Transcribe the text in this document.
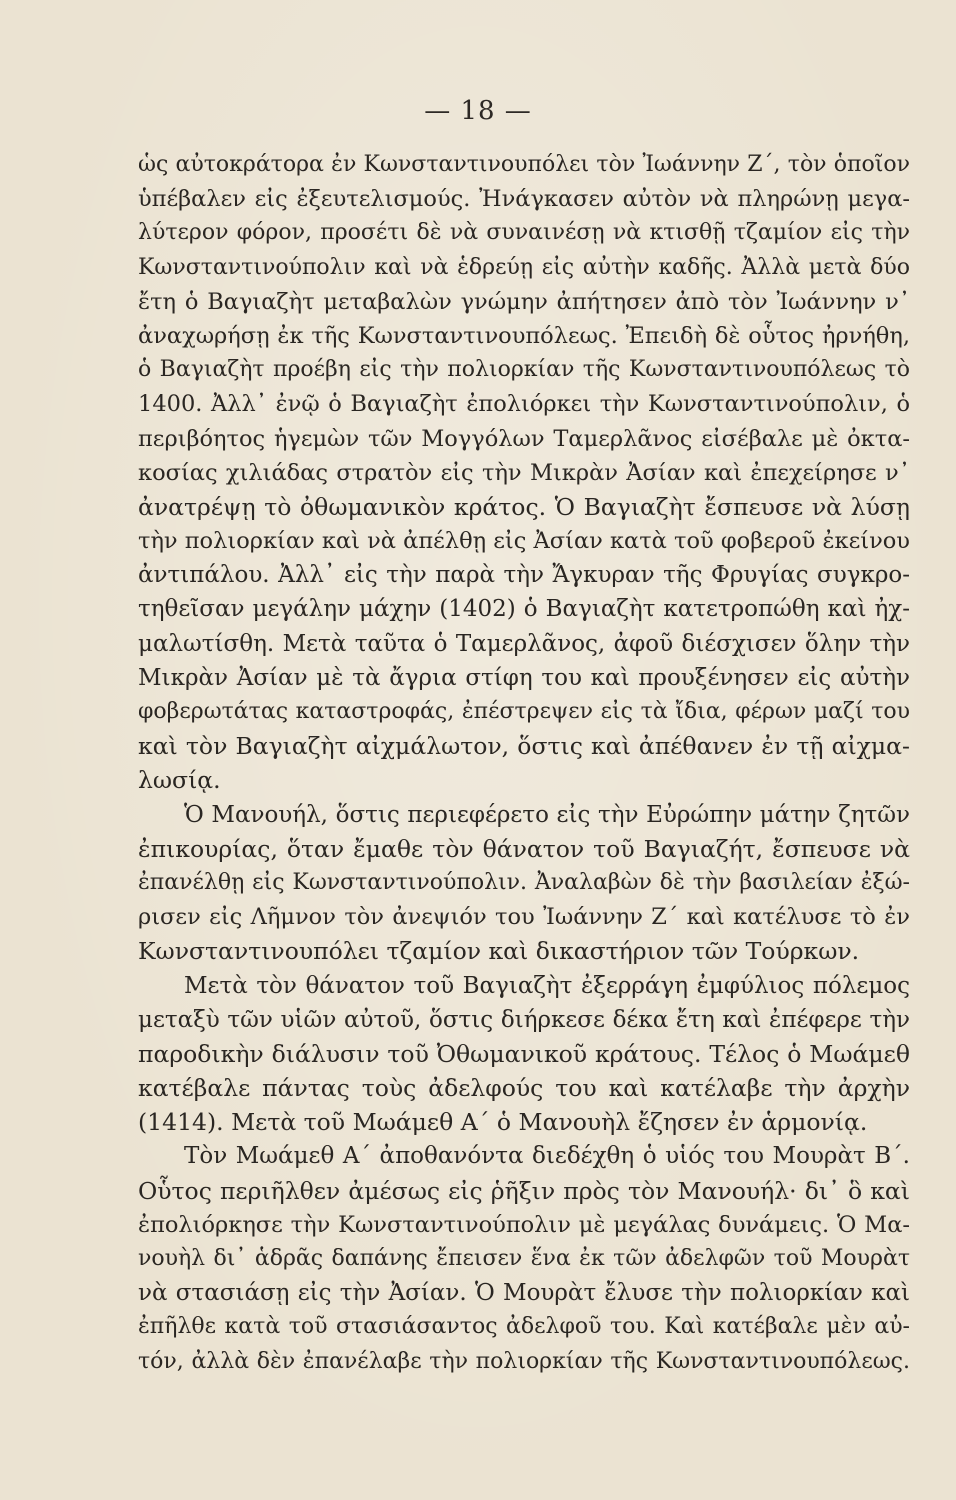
— 18 —
ὡς αὐτοκράτορα ἐν Κωνσταντινουπόλει τὸν Ἰωάννην Ζ΄, τὸν ὁποῖον
ὑπέβαλεν εἰς ἐξευτελισμούς. Ἠνάγκασεν αὐτὸν νὰ πληρώνῃ μεγα-
λύτερον φόρον, προσέτι δὲ νὰ συναινέσῃ νὰ κτισθῇ τζαμίον εἰς τὴν
Κωνσταντινούπολιν καὶ νὰ ἑδρεύῃ εἰς αὐτὴν καδῆς. Ἀλλὰ μετὰ δύο
ἔτη ὁ Βαγιαζὴτ μεταβαλὼν γνώμην ἀπήτησεν ἀπὸ τὸν Ἰωάννην ν᾿
ἀναχωρήσῃ ἐκ τῆς Κωνσταντινουπόλεως. Ἐπειδὴ δὲ οὗτος ἠρνήθη,
ὁ Βαγιαζὴτ προέβη εἰς τὴν πολιορκίαν τῆς Κωνσταντινουπόλεως τὸ
1400. Ἀλλ᾿ ἐνῷ ὁ Βαγιαζὴτ ἐπολιόρκει τὴν Κωνσταντινούπολιν, ὁ
περιβόητος ἡγεμὼν τῶν Μογγόλων Ταμερλᾶνος εἰσέβαλε μὲ ὀκτα-
κοσίας χιλιάδας στρατὸν εἰς τὴν Μικρὰν Ἀσίαν καὶ ἐπεχείρησε ν᾿
ἀνατρέψῃ τὸ ὀθωμανικὸν κράτος. Ὁ Βαγιαζὴτ ἔσπευσε νὰ λύσῃ
τὴν πολιορκίαν καὶ νὰ ἀπέλθῃ εἰς Ἀσίαν κατὰ τοῦ φοβεροῦ ἐκείνου
ἀντιπάλου. Ἀλλ᾿ εἰς τὴν παρὰ τὴν Ἄγκυραν τῆς Φρυγίας συγκρο-
τηθεῖσαν μεγάλην μάχην (1402) ὁ Βαγιαζὴτ κατετροπώθη καὶ ἠχ-
μαλωτίσθη. Μετὰ ταῦτα ὁ Ταμερλᾶνος, ἀφοῦ διέσχισεν ὅλην τὴν
Μικρὰν Ἀσίαν μὲ τὰ ἄγρια στίφη του καὶ προυξένησεν εἰς αὐτὴν
φοβερωτάτας καταστροφάς, ἐπέστρεψεν εἰς τὰ ἴδια, φέρων μαζί του
καὶ τὸν Βαγιαζὴτ αἰχμάλωτον, ὅστις καὶ ἀπέθανεν ἐν τῇ αἰχμα-
λωσίᾳ.
Ὁ Μανουήλ, ὅστις περιεφέρετο εἰς τὴν Εὐρώπην μάτην ζητῶν
ἐπικουρίας, ὅταν ἔμαθε τὸν θάνατον τοῦ Βαγιαζήτ, ἔσπευσε νὰ
ἐπανέλθῃ εἰς Κωνσταντινούπολιν. Ἀναλαβὼν δὲ τὴν βασιλείαν ἐξώ-
ρισεν εἰς Λῆμνον τὸν ἀνεψιόν του Ἰωάννην Ζ΄ καὶ κατέλυσε τὸ ἐν
Κωνσταντινουπόλει τζαμίον καὶ δικαστήριον τῶν Τούρκων.
Μετὰ τὸν θάνατον τοῦ Βαγιαζὴτ ἐξερράγη ἐμφύλιος πόλεμος
μεταξὺ τῶν υἱῶν αὐτοῦ, ὅστις διήρκεσε δέκα ἔτη καὶ ἐπέφερε τὴν
παροδικὴν διάλυσιν τοῦ Ὀθωμανικοῦ κράτους. Τέλος ὁ Μωάμεθ
κατέβαλε πάντας τοὺς ἀδελφούς του καὶ κατέλαβε τὴν ἀρχὴν
(1414). Μετὰ τοῦ Μωάμεθ Α΄ ὁ Μανουὴλ ἔζησεν ἐν ἁρμονίᾳ.
Τὸν Μωάμεθ Α΄ ἀποθανόντα διεδέχθη ὁ υἱός του Μουρὰτ Β΄.
Οὗτος περιῆλθεν ἀμέσως εἰς ῥῆξιν πρὸς τὸν Μανουήλ· δι᾿ ὃ καὶ
ἐπολιόρκησε τὴν Κωνσταντινούπολιν μὲ μεγάλας δυνάμεις. Ὁ Μα-
νουὴλ δι᾿ ἁδρᾶς δαπάνης ἔπεισεν ἕνα ἐκ τῶν ἀδελφῶν τοῦ Μουρὰτ
νὰ στασιάσῃ εἰς τὴν Ἀσίαν. Ὁ Μουρὰτ ἔλυσε τὴν πολιορκίαν καὶ
ἐπῆλθε κατὰ τοῦ στασιάσαντος ἀδελφοῦ του. Καὶ κατέβαλε μὲν αὐ-
τόν, ἀλλὰ δὲν ἐπανέλαβε τὴν πολιορκίαν τῆς Κωνσταντινουπόλεως.
